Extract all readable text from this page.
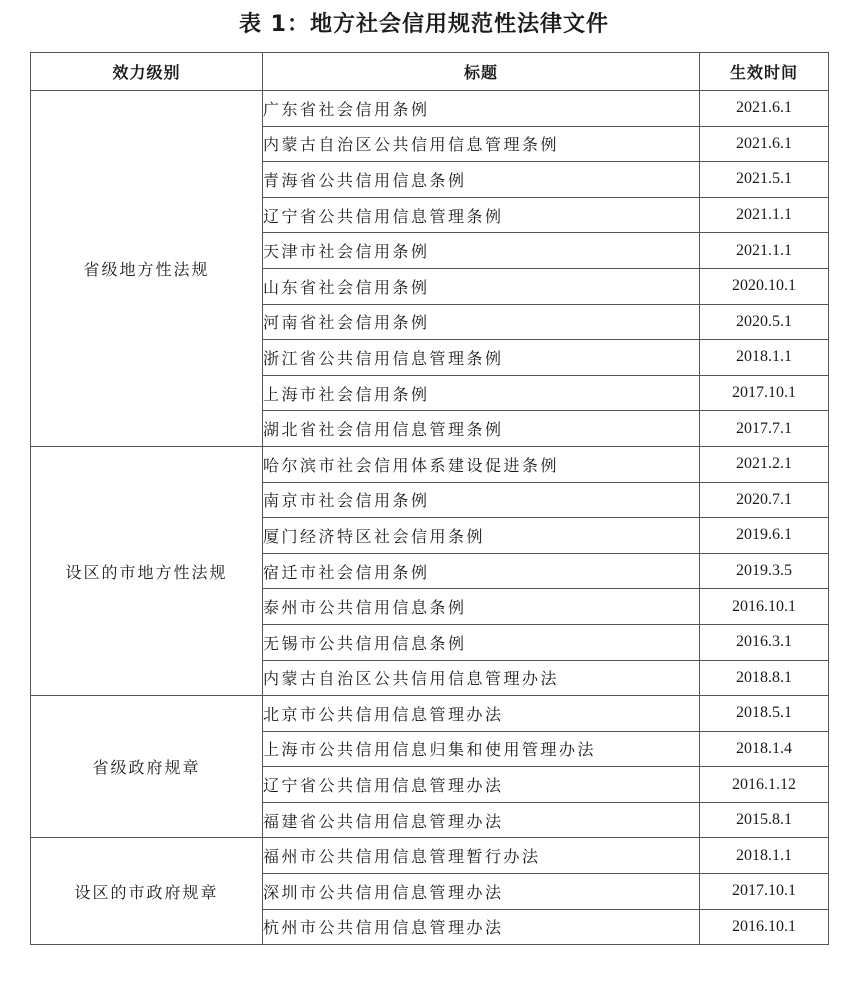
表 1：地方社会信用规范性法律文件
效力级别	标题	生效时间
省级地方性法规	广东省社会信用条例	2021.6.1
	内蒙古自治区公共信用信息管理条例	2021.6.1
	青海省公共信用信息条例	2021.5.1
	辽宁省公共信用信息管理条例	2021.1.1
	天津市社会信用条例	2021.1.1
	山东省社会信用条例	2020.10.1
	河南省社会信用条例	2020.5.1
	浙江省公共信用信息管理条例	2018.1.1
	上海市社会信用条例	2017.10.1
	湖北省社会信用信息管理条例	2017.7.1
设区的市地方性法规	哈尔滨市社会信用体系建设促进条例	2021.2.1
	南京市社会信用条例	2020.7.1
	厦门经济特区社会信用条例	2019.6.1
	宿迁市社会信用条例	2019.3.5
	泰州市公共信用信息条例	2016.10.1
	无锡市公共信用信息条例	2016.3.1
	内蒙古自治区公共信用信息管理办法	2018.8.1
省级政府规章	北京市公共信用信息管理办法	2018.5.1
	上海市公共信用信息归集和使用管理办法	2018.1.4
	辽宁省公共信用信息管理办法	2016.1.12
	福建省公共信用信息管理办法	2015.8.1
设区的市政府规章	福州市公共信用信息管理暂行办法	2018.1.1
	深圳市公共信用信息管理办法	2017.10.1
	杭州市公共信用信息管理办法	2016.10.1
